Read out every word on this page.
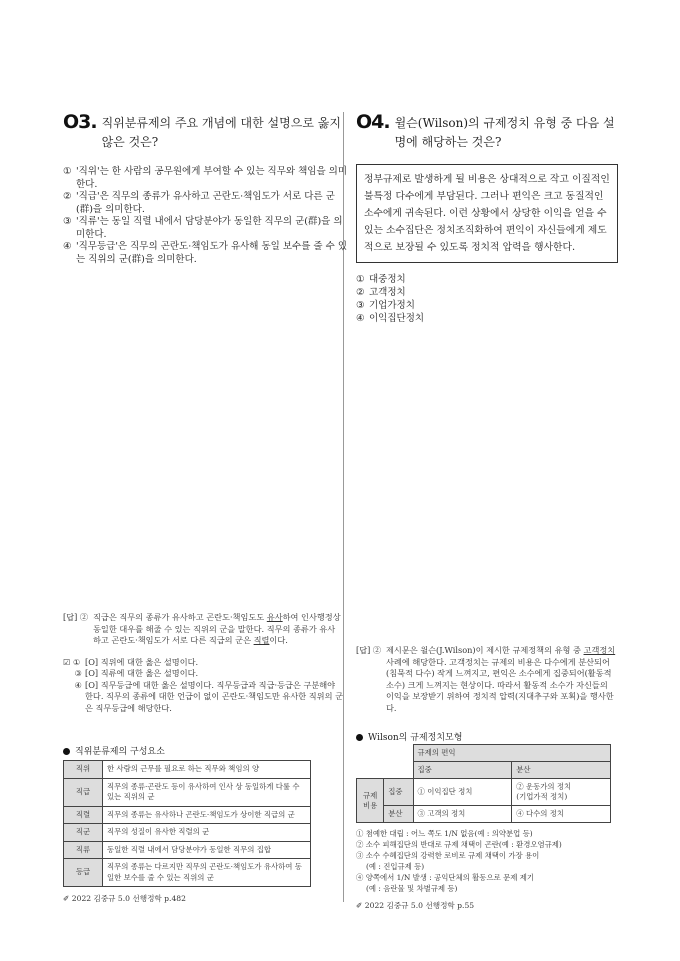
O3. 직위분류제의 주요 개념에 대한 설명으로 옳지 않은 것은?
① '직위'는 한 사람의 공무원에게 부여할 수 있는 직무와 책임을 의미한다.
② '직급'은 직무의 종류가 유사하고 곤란도·책임도가 서로 다른 군(群)을 의미한다.
③ '직류'는 동일 직렬 내에서 담당분야가 동일한 직무의 군(群)을 의미한다.
④ '직무등급'은 직무의 곤란도·책임도가 유사해 동일 보수를 줄 수 있는 직위의 군(群)을 의미한다.
[답] ② 직급은 직무의 종류가 유사하고 곤란도·책임도도 유사하여 인사행정상 동일한 대우를 해줄 수 있는 직위의 군을 말한다. 직무의 종류가 유사하고 곤란도·책임도가 서로 다른 직급의 군은 직렬이다.
☑ ① [O] 직위에 대한 옳은 설명이다.
③ [O] 직류에 대한 옳은 설명이다.
④ [O] 직무등급에 대한 옳은 설명이다. 직무등급과 직급·등급은 구분해야 한다. 직무의 종류에 대한 언급이 없이 곤란도·책임도만 유사한 직위의 군은 직무등급에 해당한다.
직위분류제의 구성요소
직위	한 사람의 근무를 필요로 하는 직무와 책임의 양
직급	직무의 종류·곤란도 등이 유사하여 인사 상 동일하게 다룰 수 있는 직위의 군
직렬	직무의 종류는 유사하나 곤란도·책임도가 상이한 직급의 군
직군	직무의 성질이 유사한 직렬의 군
직류	동일한 직렬 내에서 담당분야가 동일한 직무의 집합
등급	직무의 종류는 다르지만 직무의 곤란도·책임도가 유사하여 동일한 보수를 줄 수 있는 직위의 군
✐ 2022 김중규 5.0 선행정학 p.482
O4. 윌슨(Wilson)의 규제정치 유형 중 다음 설명에 해당하는 것은?
정부규제로 발생하게 될 비용은 상대적으로 작고 이질적인 불특정 다수에게 부담된다. 그러나 편익은 크고 동질적인 소수에게 귀속된다. 이런 상황에서 상당한 이익을 얻을 수 있는 소수집단은 정치조직화하여 편익이 자신들에게 제도적으로 보장될 수 있도록 정치적 압력을 행사한다.
① 대중정치
② 고객정치
③ 기업가정치
④ 이익집단정치
[답] ② 제시문은 윌슨(J.Wilson)이 제시한 규제정책의 유형 중 고객정치 사례에 해당한다. 고객정치는 규제의 비용은 다수에게 분산되어(침묵적 다수) 작게 느껴지고, 편익은 소수에게 집중되어(활동적 소수) 크게 느껴지는 현상이다. 따라서 활동적 소수가 자신들의 이익을 보장받기 위하여 정치적 압력(지대추구와 포획)을 행사한다.
Wilson의 규제정치모형
		규제의 편익	
		집중	분산
규제
비용	집중	① 이익집단 정치	② 운동가의 정치
(기업가적 정치)
	분산	③ 고객의 정치	④ 다수의 정치
① 첨예한 대립 : 어느 쪽도 1/N 없음(예 : 의약분업 등)
② 소수 피해집단의 반대로 규제 채택이 곤란(예 : 환경오염규제)
③ 소수 수혜집단의 강력한 로비로 규제 채택이 가장 용이
(예 : 진입규제 등)
④ 양쪽에서 1/N 발생 : 공익단체의 활동으로 문제 제기
(예 : 음란물 및 차별규제 등)
✐ 2022 김중규 5.0 선행정학 p.55
